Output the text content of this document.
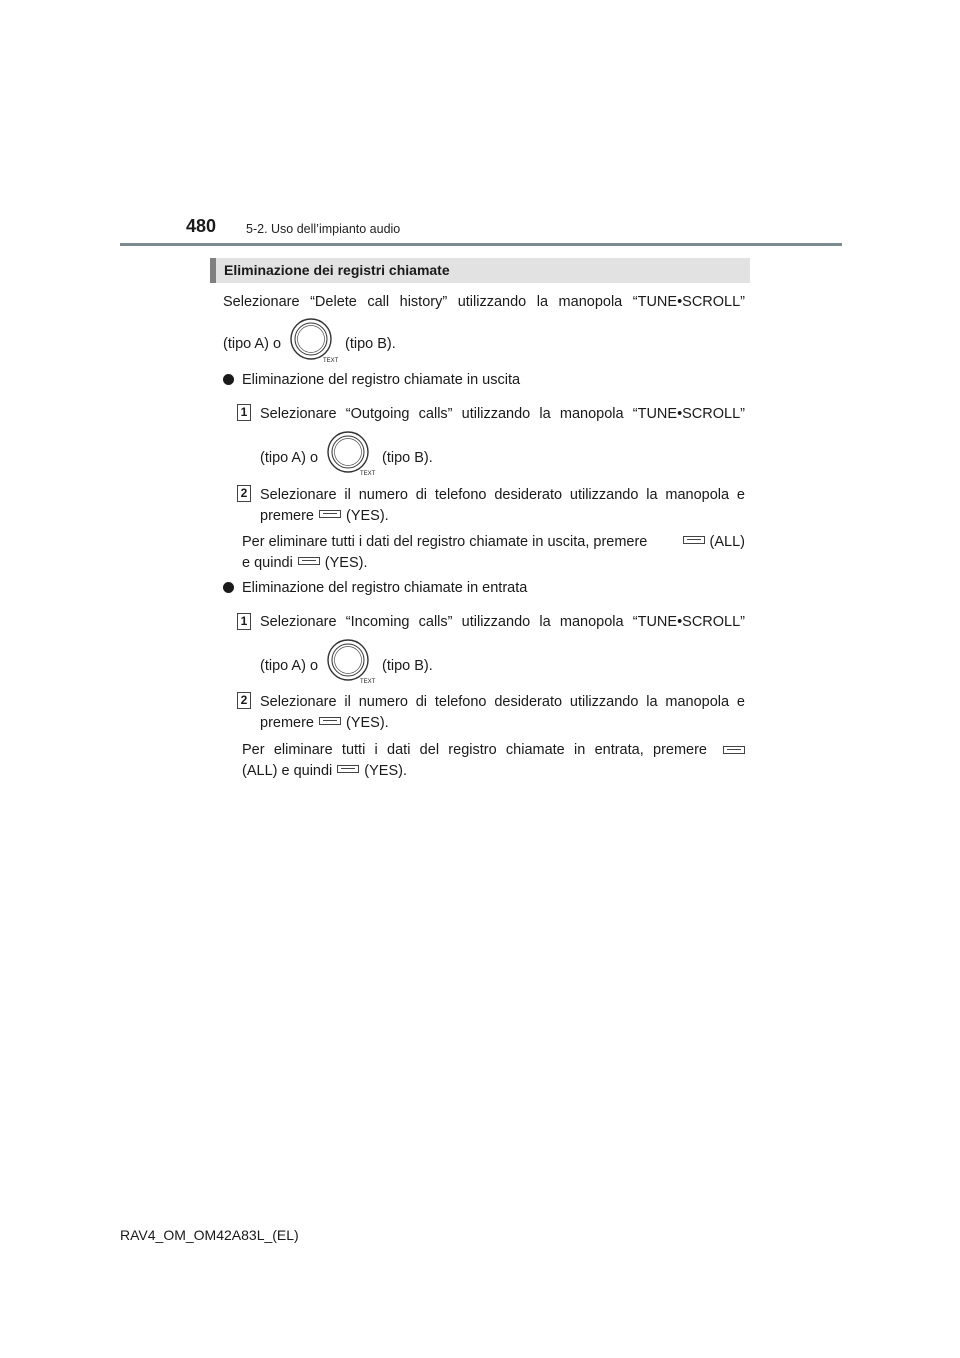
480 5-2. Uso dell’impianto audio
Eliminazione dei registri chiamate
Selezionare “Delete call history” utilizzando la manopola “TUNE•SCROLL”
(tipo A) o
TEXT
(tipo B).
Eliminazione del registro chiamate in uscita
1 Selezionare “Outgoing calls” utilizzando la manopola “TUNE•SCROLL”
(tipo A) o
TEXT
(tipo B).
2 Selezionare il numero di telefono desiderato utilizzando la manopola e
premere (YES).
Per eliminare tutti i dati del registro chiamate in uscita, premere	(ALL)
e quindi (YES).
Eliminazione del registro chiamate in entrata
1 Selezionare “Incoming calls” utilizzando la manopola “TUNE•SCROLL”
(tipo A) o
TEXT
(tipo B).
2 Selezionare il numero di telefono desiderato utilizzando la manopola e
premere (YES).
Per eliminare tutti i dati del registro chiamate in entrata, premere
(ALL) e quindi (YES).
RAV4_OM_OM42A83L_(EL)
